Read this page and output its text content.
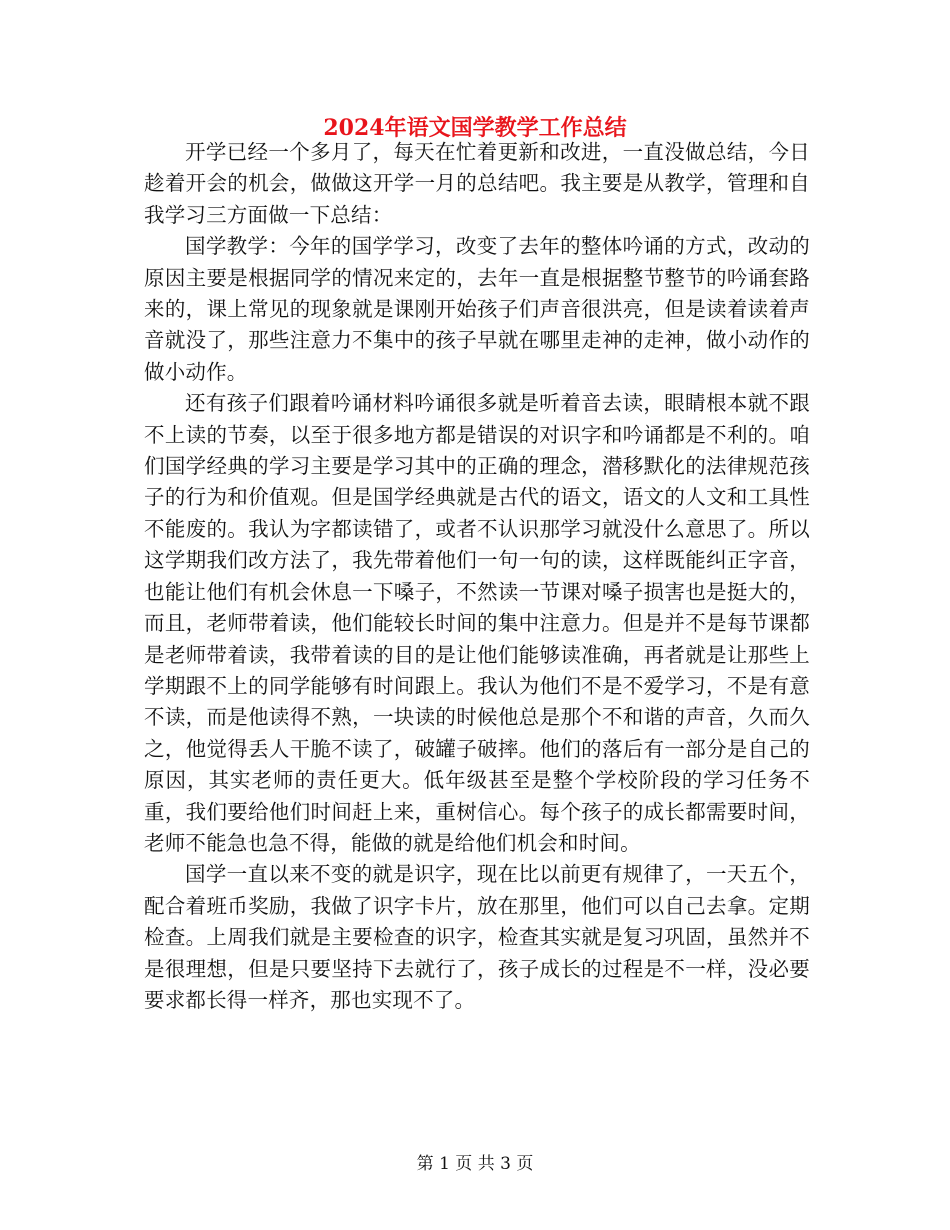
2024年语文国学教学工作总结

开学已经一个多月了，每天在忙着更新和改进，一直没做总结，今日趁着开会的机会，做做这开学一月的总结吧。我主要是从教学，管理和自我学习三方面做一下总结：

国学教学：今年的国学学习，改变了去年的整体吟诵的方式，改动的原因主要是根据同学的情况来定的，去年一直是根据整节整节的吟诵套路来的，课上常见的现象就是课刚开始孩子们声音很洪亮，但是读着读着声音就没了，那些注意力不集中的孩子早就在哪里走神的走神，做小动作的做小动作。

还有孩子们跟着吟诵材料吟诵很多就是听着音去读，眼睛根本就不跟不上读的节奏，以至于很多地方都是错误的对识字和吟诵都是不利的。咱们国学经典的学习主要是学习其中的正确的理念，潜移默化的法律规范孩子的行为和价值观。但是国学经典就是古代的语文，语文的人文和工具性不能废的。我认为字都读错了，或者不认识那学习就没什么意思了。所以这学期我们改方法了，我先带着他们一句一句的读，这样既能纠正字音，也能让他们有机会休息一下嗓子，不然读一节课对嗓子损害也是挺大的，而且，老师带着读，他们能较长时间的集中注意力。但是并不是每节课都是老师带着读，我带着读的目的是让他们能够读准确，再者就是让那些上学期跟不上的同学能够有时间跟上。我认为他们不是不爱学习，不是有意不读，而是他读得不熟，一块读的时候他总是那个不和谐的声音，久而久之，他觉得丢人干脆不读了，破罐子破摔。他们的落后有一部分是自己的原因，其实老师的责任更大。低年级甚至是整个学校阶段的学习任务不重，我们要给他们时间赶上来，重树信心。每个孩子的成长都需要时间，老师不能急也急不得，能做的就是给他们机会和时间。

国学一直以来不变的就是识字，现在比以前更有规律了，一天五个，配合着班币奖励，我做了识字卡片，放在那里，他们可以自己去拿。定期检查。上周我们就是主要检查的识字，检查其实就是复习巩固，虽然并不是很理想，但是只要坚持下去就行了，孩子成长的过程是不一样，没必要要求都长得一样齐，那也实现不了。

第 1 页 共 3 页
